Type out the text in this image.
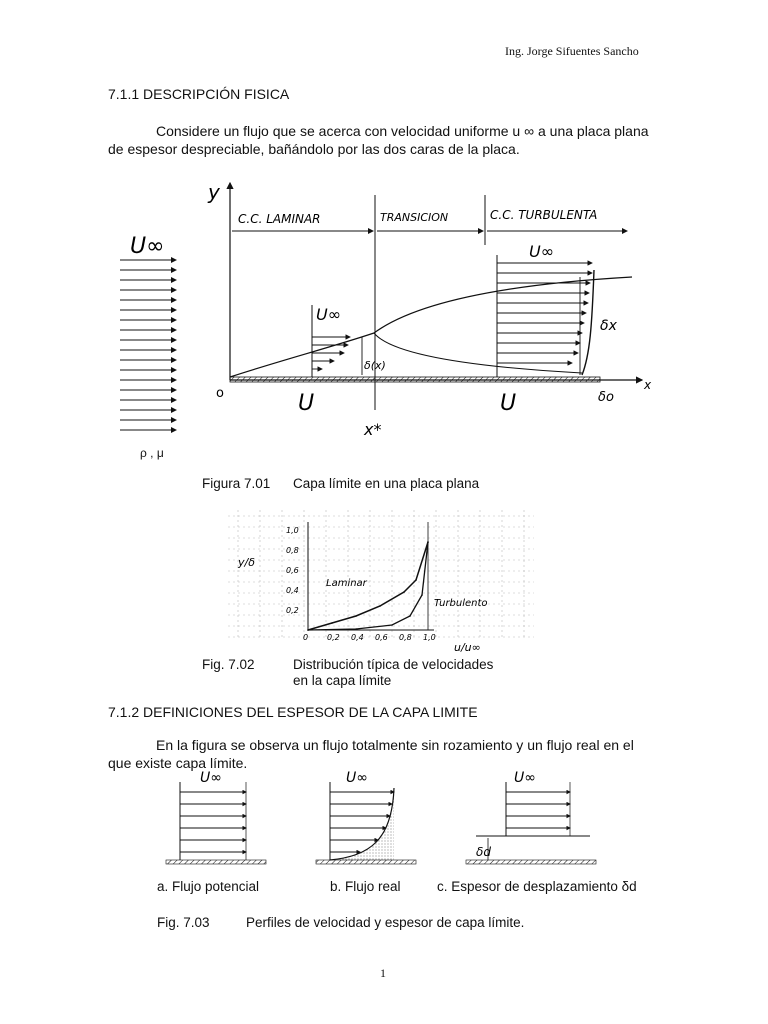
Ing. Jorge Sifuentes Sancho
7.1.1 DESCRIPCIÓN FISICA

Considere un flujo que se acerca con velocidad uniforme u ∞ a una placa plana
de espesor despreciable, bañándolo por las dos caras de la placa.

U∞
y
x
o
C.C. LAMINAR	TRANSICION	C.C. TURBULENTA
U∞
δ(x)
U
x*
U∞
δx
U	δo
ρ , μ
Figura 7.01 Capa límite en una placa plana
0 0,2 0,4 0,6 0,8 1,0
0,2
0,4
0,6
0,8
1,0
y/δ
u/u∞
Laminar
Turbulento
Fig. 7.02	Distribución típica de velocidades
en la capa límite
7.1.2 DEFINICIONES DEL ESPESOR DE LA CAPA LIMITE

En la figura se observa un flujo totalmente sin rozamiento y un flujo real en el
que existe capa límite.

U∞	U∞	U∞
δd
a. Flujo potencial	b. Flujo real	c. Espesor de desplazamiento δd
Fig. 7.03	Perfiles de velocidad y espesor de capa límite.
1
